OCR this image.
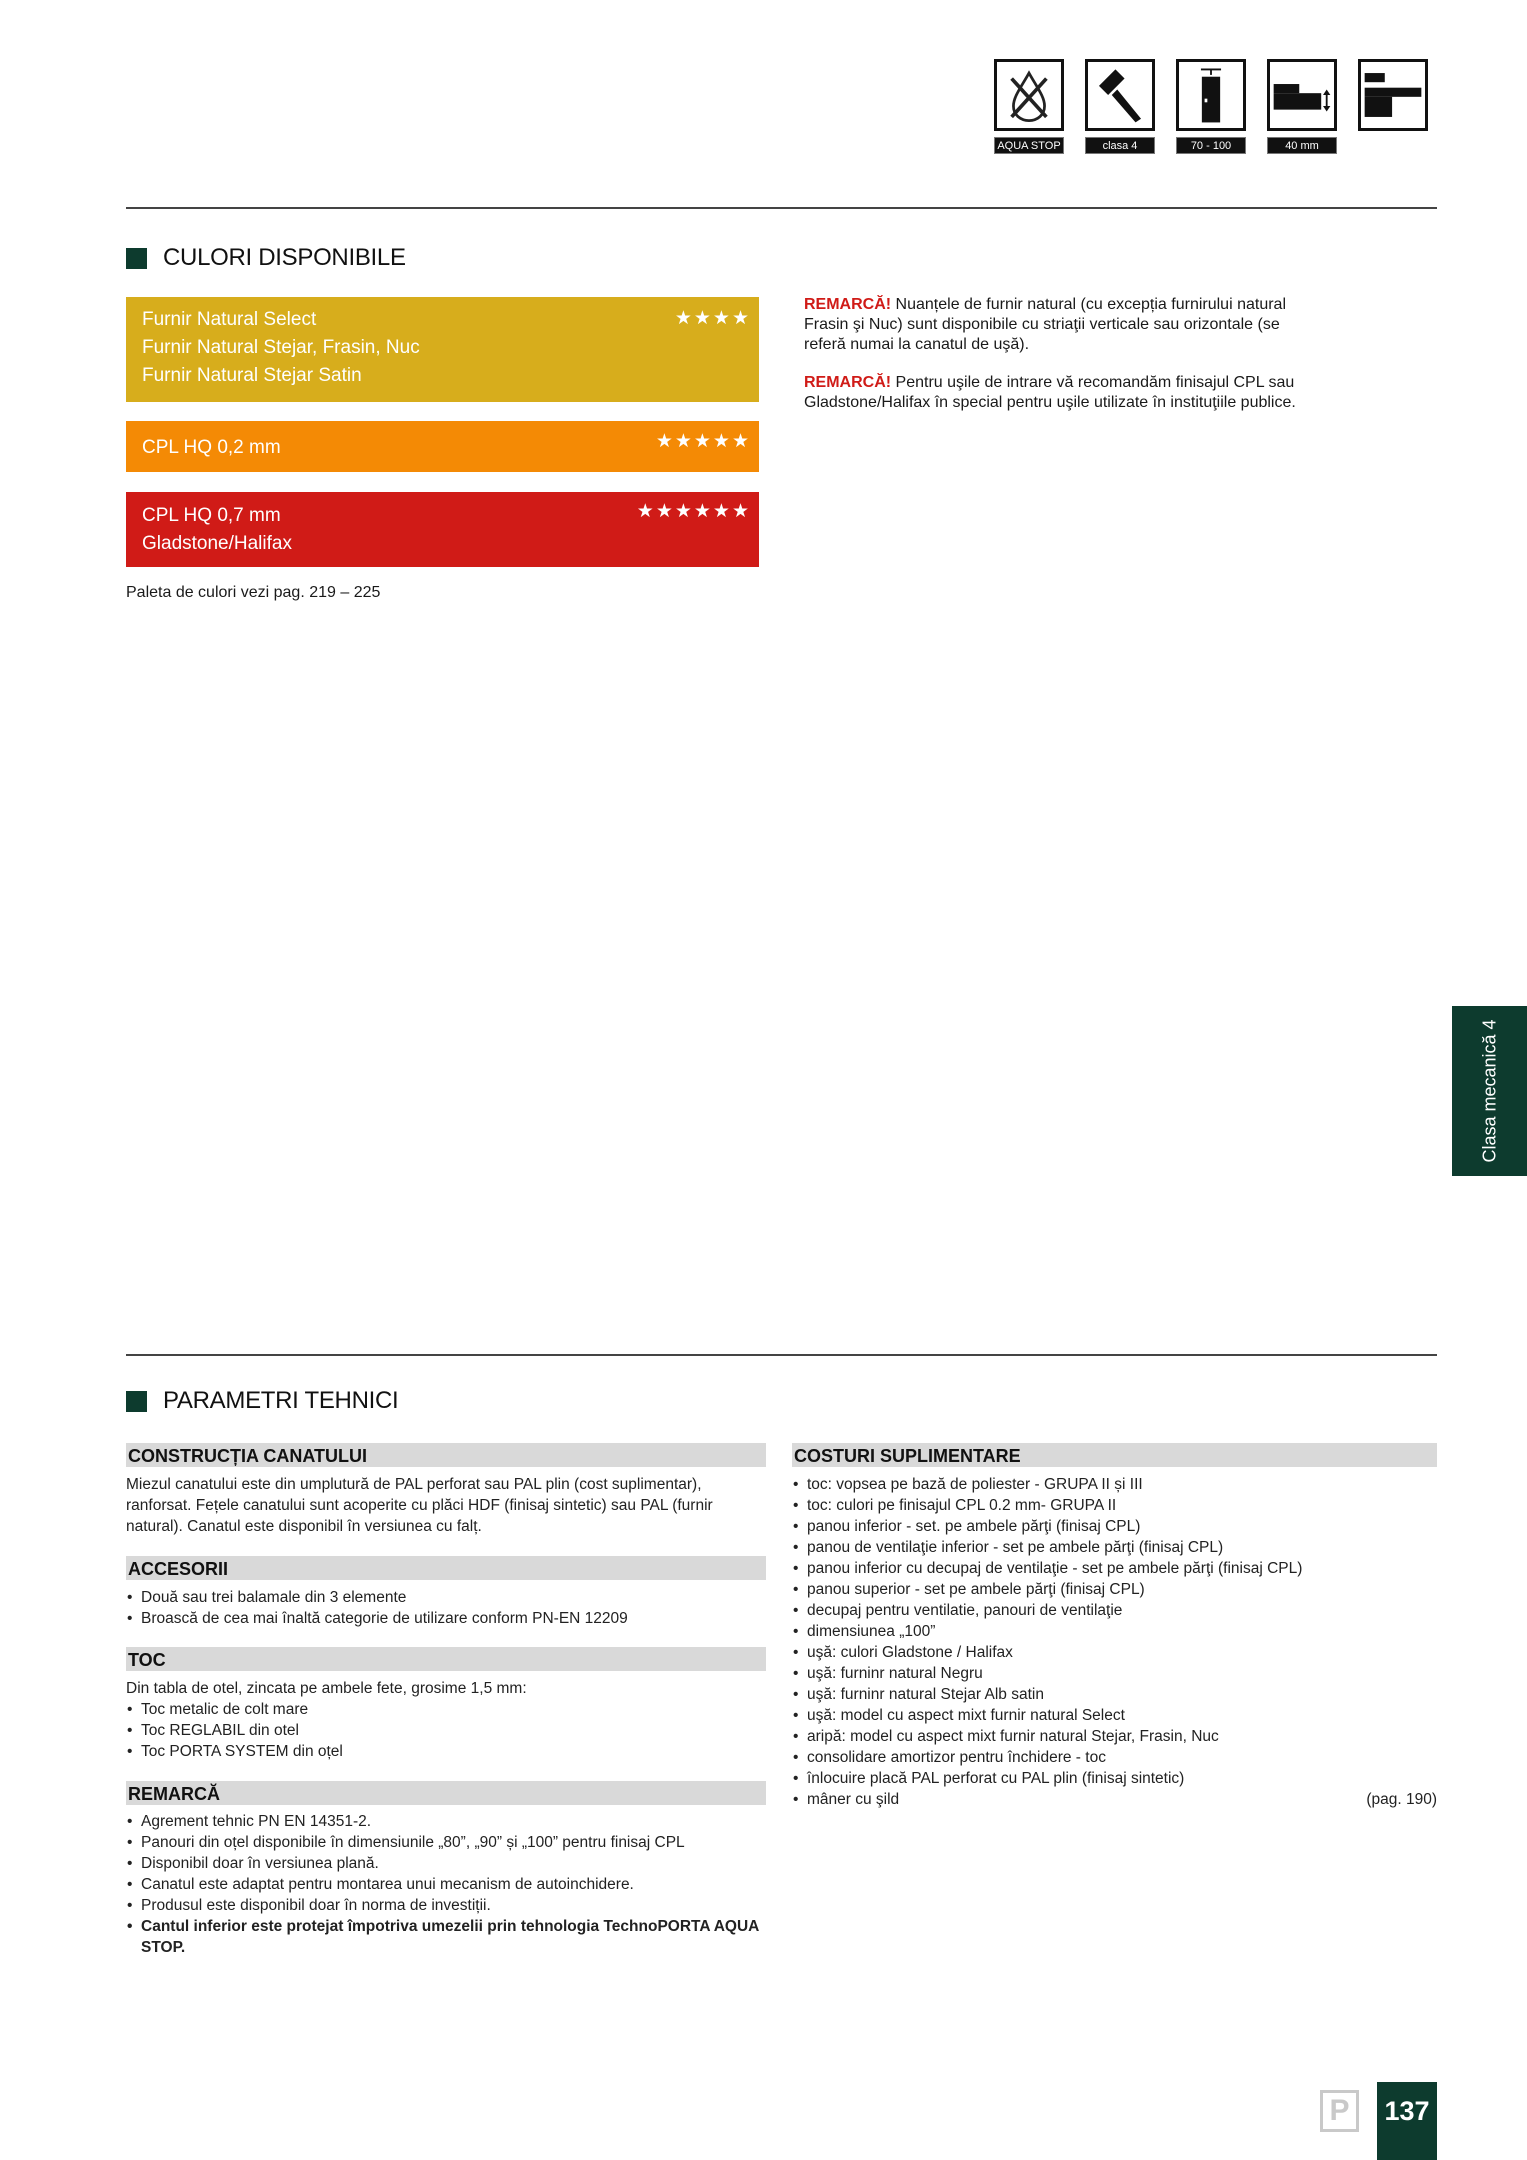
AQUA STOP	clasa 4	70 - 100	40 mm
CULORI DISPONIBILE
Furnir Natural Select
Furnir Natural Stejar, Frasin, Nuc
Furnir Natural Stejar Satin
★★★★
CPL HQ 0,2 mm	★★★★★
CPL HQ 0,7 mm
Gladstone/Halifax
★★★★★★
Paleta de culori vezi pag. 219 – 225
REMARCĂ! Nuanțele de furnir natural (cu excepția furnirului natural Frasin şi Nuc) sunt disponibile cu striaţii verticale sau orizontale (se referă numai la canatul de uşă).
REMARCĂ! Pentru uşile de intrare vă recomandăm finisajul CPL sau Gladstone/Halifax în special pentru uşile utilizate în instituţiile publice.
Clasa mecanică 4
PARAMETRI TEHNICI
CONSTRUCȚIA CANATULUI
Miezul canatului este din umplutură de PAL perforat sau PAL plin (cost suplimentar), ranforsat. Fețele canatului sunt acoperite cu plăci HDF (finisaj sintetic) sau PAL (furnir natural). Canatul este disponibil în versiunea cu falț.
ACCESORII
• Două sau trei balamale din 3 elemente
• Broască de cea mai înaltă categorie de utilizare conform PN-EN 12209
TOC
Din tabla de otel, zincata pe ambele fete, grosime 1,5 mm:
• Toc metalic de colt mare
• Toc REGLABIL din otel
• Toc PORTA SYSTEM din oțel
REMARCĂ
• Agrement tehnic PN EN 14351-2.
• Panouri din oțel disponibile în dimensiunile „80”, „90” și „100” pentru finisaj CPL
• Disponibil doar în versiunea plană.
• Canatul este adaptat pentru montarea unui mecanism de autoinchidere.
• Produsul este disponibil doar în norma de investiții.
• Cantul inferior este protejat împotriva umezelii prin tehnologia TechnoPORTA AQUA STOP.
COSTURI SUPLIMENTARE
• toc: vopsea pe bază de poliester - GRUPA II și III
• toc: culori pe finisajul CPL 0.2 mm- GRUPA II
• panou inferior - set. pe ambele părţi (finisaj CPL)
• panou de ventilaţie inferior - set pe ambele părţi (finisaj CPL)
• panou inferior cu decupaj de ventilaţie - set pe ambele părţi (finisaj CPL)
• panou superior - set pe ambele părţi (finisaj CPL)
• decupaj pentru ventilatie, panouri de ventilaţie
• dimensiunea „100”
• uşă: culori Gladstone / Halifax
• uşă: furninr natural Negru
• uşă: furninr natural Stejar Alb satin
• uşă: model cu aspect mixt furnir natural Select
• aripă: model cu aspect mixt furnir natural Stejar, Frasin, Nuc
• consolidare amortizor pentru închidere - toc
• înlocuire placă PAL perforat cu PAL plin (finisaj sintetic)
• mâner cu şild	(pag. 190)
P	137
